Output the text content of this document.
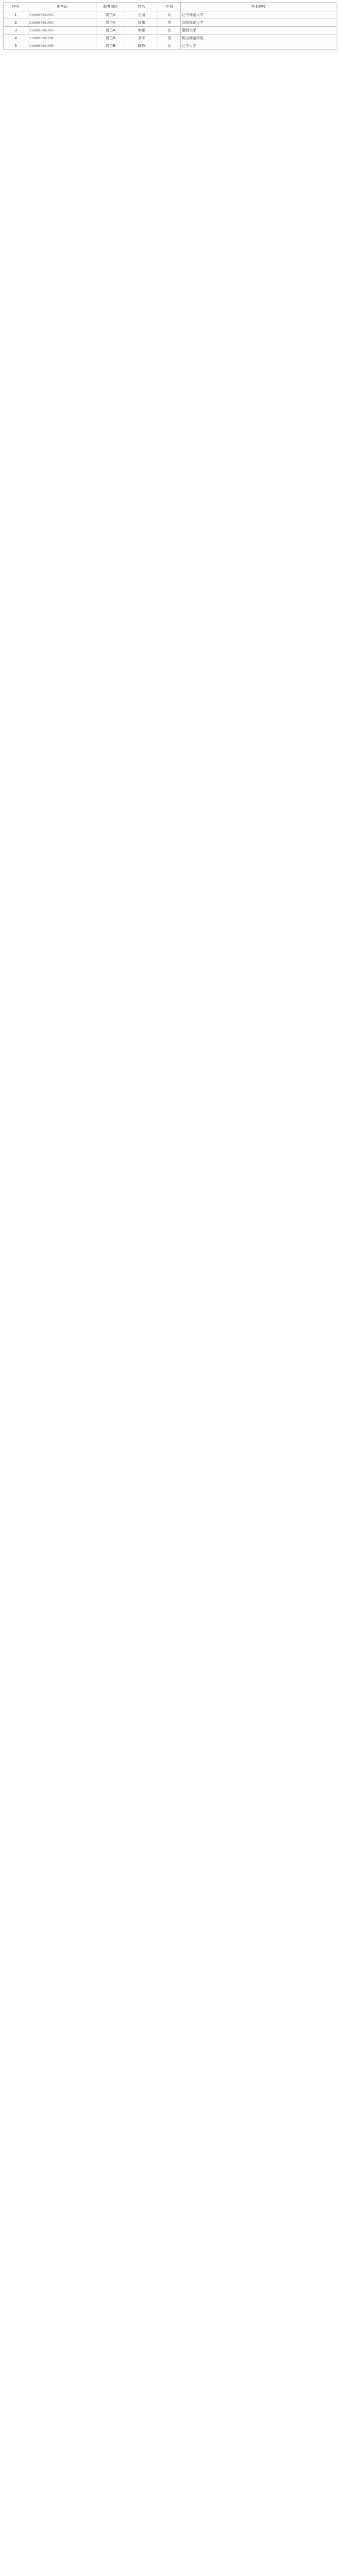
序号	准考证	报考岗位	姓名	性别	毕业院校
1	2100000001001	岗位A	王丽	女	辽宁师范大学
2	2100000001002	岗位A	张伟	男	沈阳师范大学
3	2100000001003	岗位A	李娜	女	渤海大学
4	2100000001004	岗位B	刘洋	男	鞍山师范学院
5	2100000001005	岗位B	陈静	女	辽宁大学
